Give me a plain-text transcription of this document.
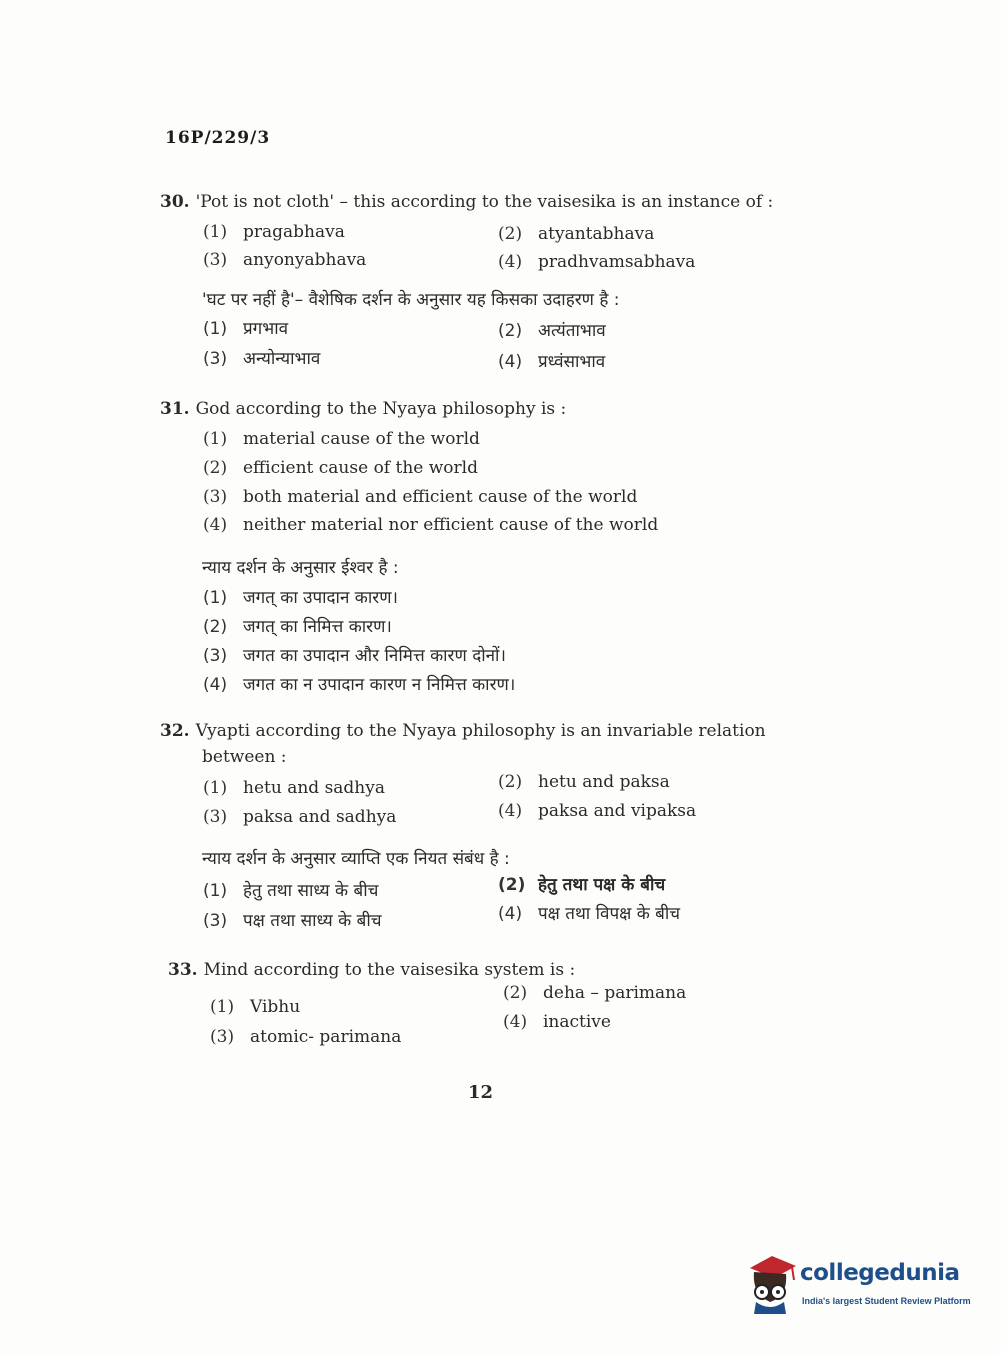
16P/229/3
30. 'Pot is not cloth' – this according to the vaisesika is an instance of :
(1) pragabhava	(2) atyantabhava
(3) anyonyabhava	(4) pradhvamsabhava
'घट पर नहीं है'– वैशेषिक दर्शन के अनुसार यह किसका उदाहरण है :
(1) प्रगभाव	(2) अत्यंताभाव
(3) अन्योन्याभाव	(4) प्रध्वंसाभाव
31. God according to the Nyaya philosophy is :
(1) material cause of the world
(2) efficient cause of the world
(3) both material and efficient cause of the world
(4) neither material nor efficient cause of the world
न्याय दर्शन के अनुसार ईश्वर है :
(1) जगत् का उपादान कारण।
(2) जगत् का निमित्त कारण।
(3) जगत का उपादान और निमित्त कारण दोनों।
(4) जगत का न उपादान कारण न निमित्त कारण।
32. Vyapti according to the Nyaya philosophy is an invariable relation
between :
(1) hetu and sadhya	(2) hetu and paksa
(3) paksa and sadhya	(4) paksa and vipaksa
न्याय दर्शन के अनुसार व्याप्ति एक नियत संबंध है :
(1) हेतु तथा साध्य के बीच	(2) हेतु तथा पक्ष के बीच
(3) पक्ष तथा साध्य के बीच	(4) पक्ष तथा विपक्ष के बीच
33. Mind according to the vaisesika system is :
(1) Vibhu
(2) deha – parimana
(3) atomic- parimana
(4) inactive
12
collegedunia
India's largest Student Review Platform
